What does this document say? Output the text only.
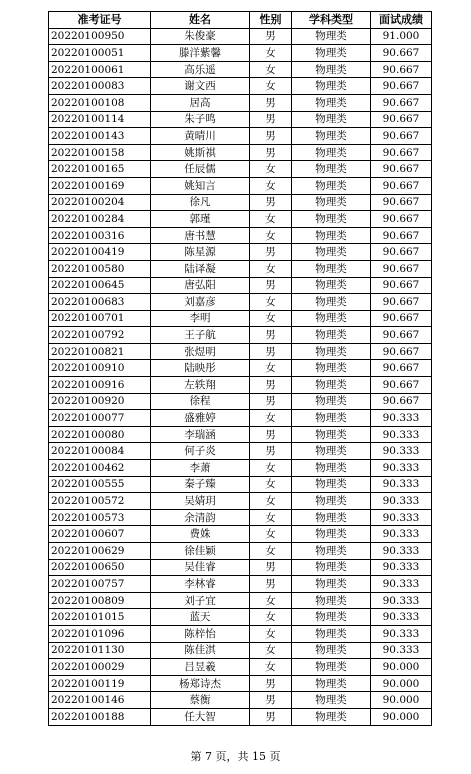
准考证号	姓名	性别	学科类型	面试成绩
20220100950	朱俊豪	男	物理类	91.000
20220100051	滕洋紫馨	女	物理类	90.667
20220100061	高乐遥	女	物理类	90.667
20220100083	谢文西	女	物理类	90.667
20220100108	居高	男	物理类	90.667
20220100114	朱子鸣	男	物理类	90.667
20220100143	黄晴川	男	物理类	90.667
20220100158	姚斯祺	男	物理类	90.667
20220100165	任辰儒	女	物理类	90.667
20220100169	姚知言	女	物理类	90.667
20220100204	徐凡	男	物理类	90.667
20220100284	郭瑾	女	物理类	90.667
20220100316	唐书慧	女	物理类	90.667
20220100419	陈星源	男	物理类	90.667
20220100580	陆译凝	女	物理类	90.667
20220100645	唐弘阳	男	物理类	90.667
20220100683	刘嘉彦	女	物理类	90.667
20220100701	李明	女	物理类	90.667
20220100792	王子航	男	物理类	90.667
20220100821	张煜明	男	物理类	90.667
20220100910	陆映彤	女	物理类	90.667
20220100916	左轶翔	男	物理类	90.667
20220100920	徐程	男	物理类	90.667
20220100077	盛雅婷	女	物理类	90.333
20220100080	李瑞涵	男	物理类	90.333
20220100084	何子炎	男	物理类	90.333
20220100462	李萧	女	物理类	90.333
20220100555	秦子臻	女	物理类	90.333
20220100572	吴婧玥	女	物理类	90.333
20220100573	余清韵	女	物理类	90.333
20220100607	费姝	女	物理类	90.333
20220100629	徐佳颖	女	物理类	90.333
20220100650	吴佳睿	男	物理类	90.333
20220100757	李林睿	男	物理类	90.333
20220100809	刘子宜	女	物理类	90.333
20220101015	蓝天	女	物理类	90.333
20220101096	陈梓怡	女	物理类	90.333
20220101130	陈佳淇	女	物理类	90.333
20220100029	吕昱羲	女	物理类	90.000
20220100119	杨郑诗杰	男	物理类	90.000
20220100146	蔡衡	男	物理类	90.000
20220100188	任大智	男	物理类	90.000
第 7 页，共 15 页
